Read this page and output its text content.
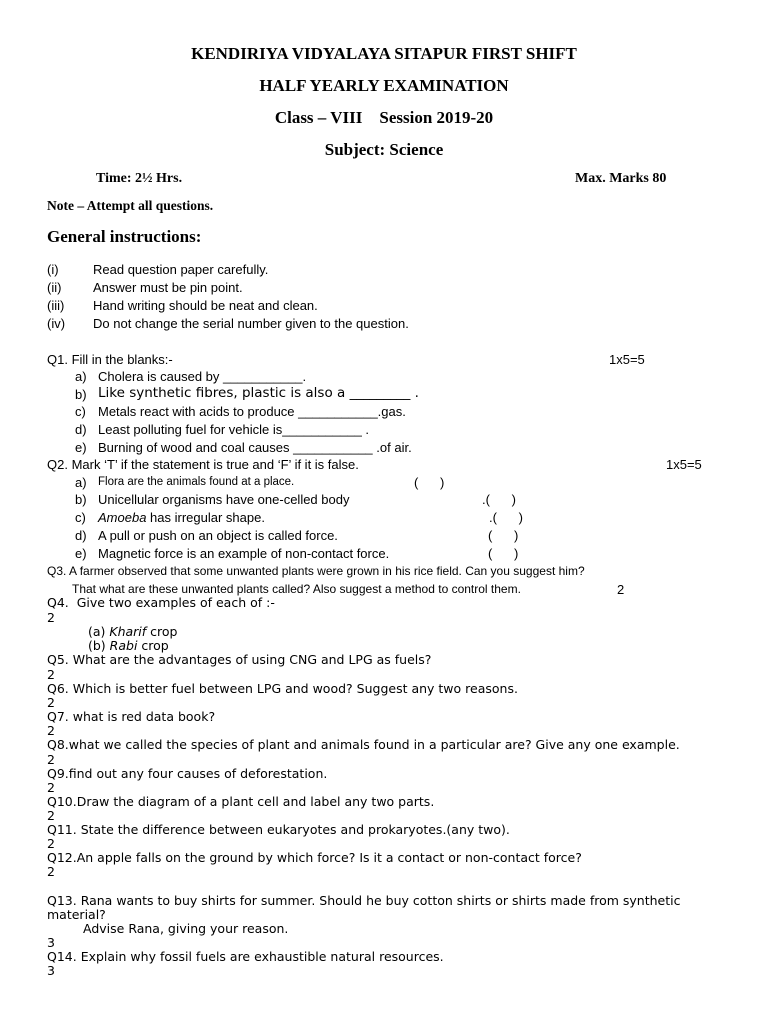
KENDIRIYA VIDYALAYA SITAPUR FIRST SHIFT
HALF YEARLY EXAMINATION
Class – VIII    Session 2019-20
Subject: Science
Time: 2½ Hrs.	Max. Marks 80
Note – Attempt all questions.
General instructions:
(i)	Read question paper carefully.
(ii) Answer must be pin point.
(iii) Hand writing should be neat and clean.
(iv) Do not change the serial number given to the question.
Q1. Fill in the blanks:-	1x5=5
a) Cholera is caused by ___________.
b) Like synthetic fibres, plastic is also a _________ .
c) Metals react with acids to produce ___________.gas.
d) Least polluting fuel for vehicle is___________ .
e) Burning of wood and coal causes ___________ .of air.
Q2. Mark ‘T’ if the statement is true and ‘F’ if it is false.	1x5=5
a) Flora are the animals found at a place.	(      )
b) Unicellular organisms have one-celled body	.(      )
c) Amoeba has irregular shape.	.(      )
d) A pull or push on an object is called force.	(      )
e) Magnetic force is an example of non-contact force.	(      )
Q3. A farmer observed that some unwanted plants were grown in his rice field. Can you suggest him?
That what are these unwanted plants called? Also suggest a method to control them.	2
Q4.  Give two examples of each of :-
2
(a) Kharif crop
(b) Rabi crop
Q5. What are the advantages of using CNG and LPG as fuels?
2
Q6. Which is better fuel between LPG and wood? Suggest any two reasons.
2
Q7. what is red data book?
2
Q8.what we called the species of plant and animals found in a particular are? Give any one example.
2
Q9.find out any four causes of deforestation.
2
Q10.Draw the diagram of a plant cell and label any two parts.
2
Q11. State the difference between eukaryotes and prokaryotes.(any two).
2
Q12.An apple falls on the ground by which force? Is it a contact or non-contact force?
2
Q13. Rana wants to buy shirts for summer. Should he buy cotton shirts or shirts made from synthetic
material?
Advise Rana, giving your reason.
3
Q14. Explain why fossil fuels are exhaustible natural resources.
3
